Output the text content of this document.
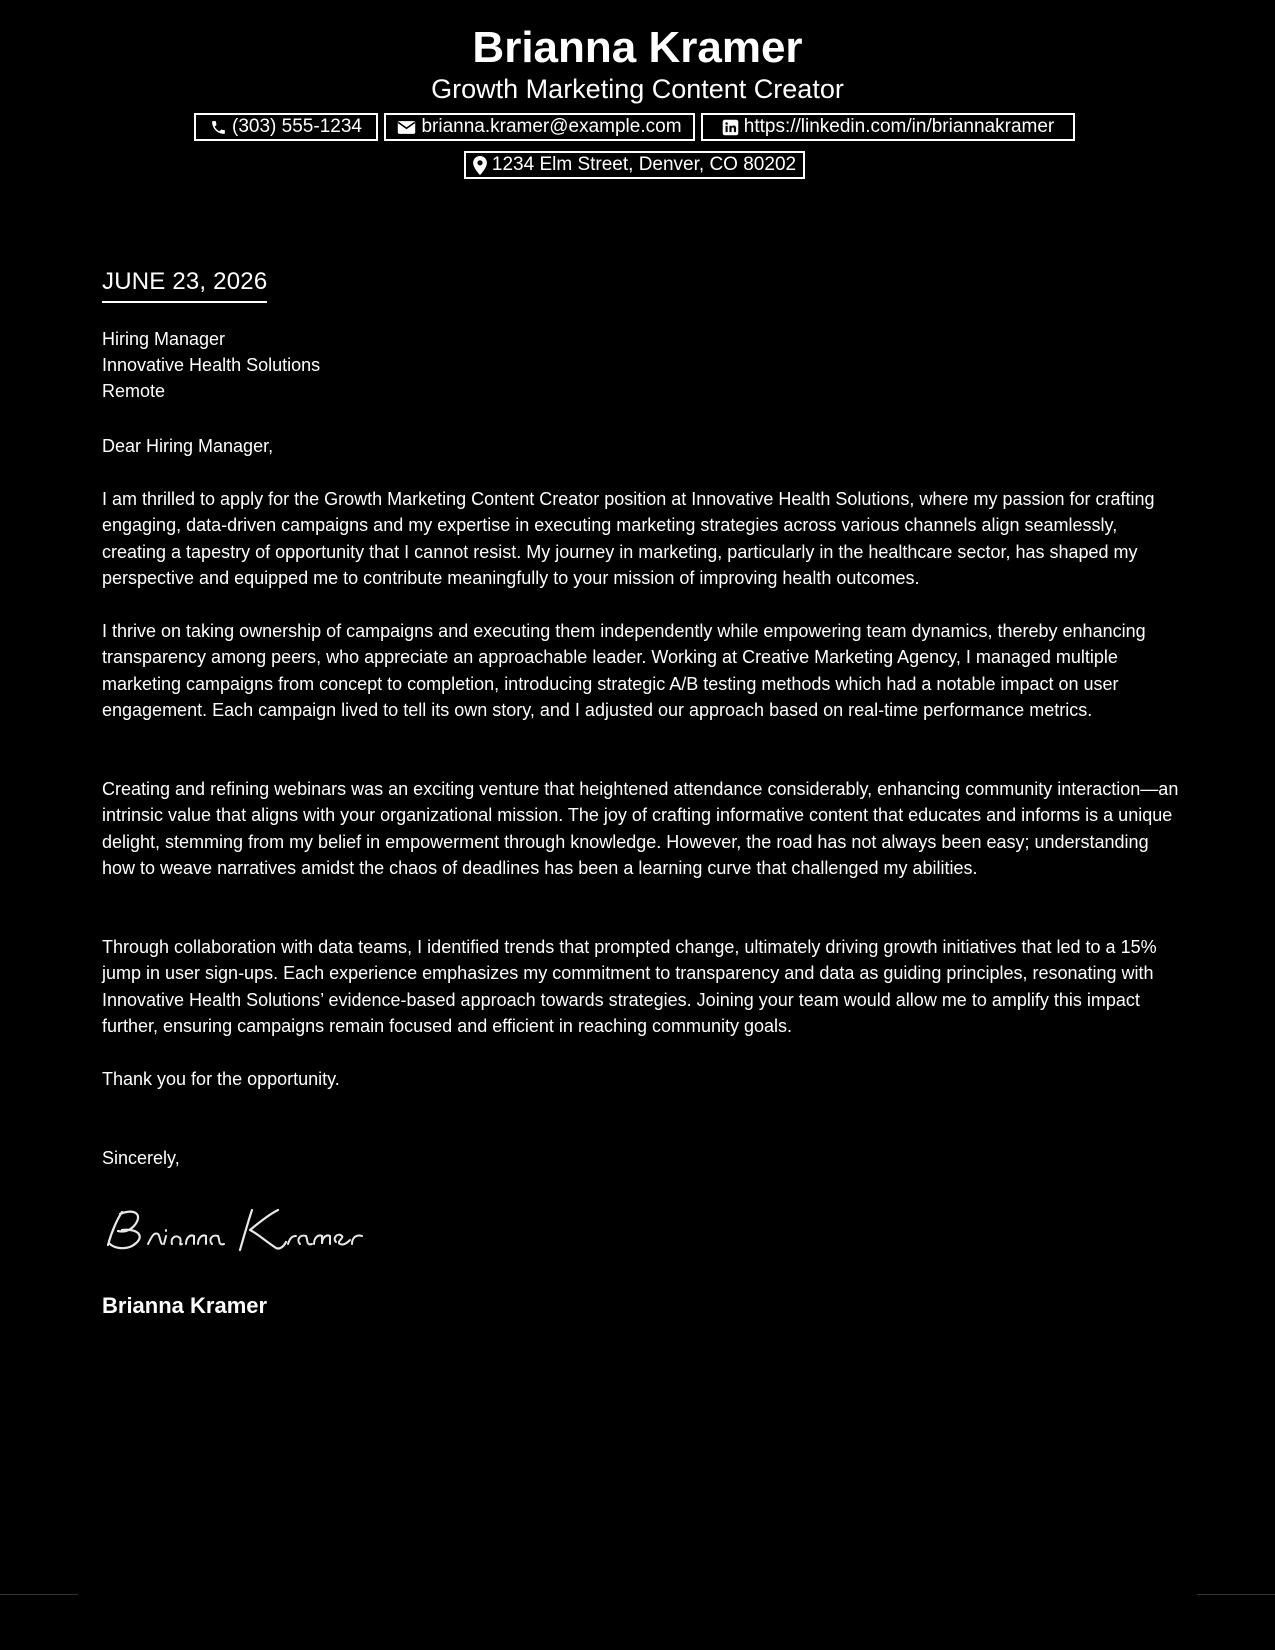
Brianna Kramer
Growth Marketing Content Creator
(303) 555-1234	brianna.kramer@example.com	https://linkedin.com/in/briannakramer
1234 Elm Street, Denver, CO 80202
JUNE 23, 2026
Hiring Manager
Innovative Health Solutions
Remote
Dear Hiring Manager,
I am thrilled to apply for the Growth Marketing Content Creator position at Innovative Health Solutions, where my passion for crafting engaging, data-driven campaigns and my expertise in executing marketing strategies across various channels align seamlessly, creating a tapestry of opportunity that I cannot resist. My journey in marketing, particularly in the healthcare sector, has shaped my perspective and equipped me to contribute meaningfully to your mission of improving health outcomes.
I thrive on taking ownership of campaigns and executing them independently while empowering team dynamics, thereby enhancing transparency among peers, who appreciate an approachable leader. Working at Creative Marketing Agency, I managed multiple marketing campaigns from concept to completion, introducing strategic A/B testing methods which had a notable impact on user engagement. Each campaign lived to tell its own story, and I adjusted our approach based on real-time performance metrics.
Creating and refining webinars was an exciting venture that heightened attendance considerably, enhancing community interaction—an intrinsic value that aligns with your organizational mission. The joy of crafting informative content that educates and informs is a unique delight, stemming from my belief in empowerment through knowledge. However, the road has not always been easy; understanding how to weave narratives amidst the chaos of deadlines has been a learning curve that challenged my abilities.
Through collaboration with data teams, I identified trends that prompted change, ultimately driving growth initiatives that led to a 15% jump in user sign-ups. Each experience emphasizes my commitment to transparency and data as guiding principles, resonating with Innovative Health Solutions’ evidence-based approach towards strategies. Joining your team would allow me to amplify this impact further, ensuring campaigns remain focused and efficient in reaching community goals.
Thank you for the opportunity.
Sincerely,
Brianna Kramer
